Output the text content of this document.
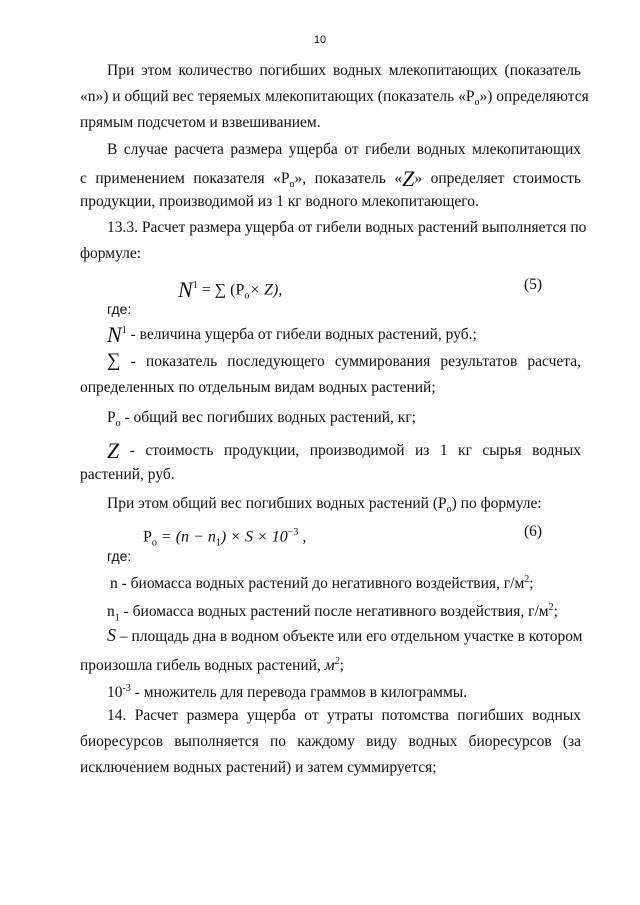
10
При этом количество погибших водных млекопитающих (показатель
«n») и общий вес теряемых млекопитающих (показатель «$P_о$») определяются
прямым подсчетом и взвешиванием.
В случае расчета размера ущерба от гибели водных млекопитающих
с применением показателя «$P_о$», показатель «Z» определяет стоимость
продукции, производимой из 1 кг водного млекопитающего.
13.3. Расчет размера ущерба от гибели водных растений выполняется по
формуле:
$N^1$ = ∑ $(P_о\times Z)$,	(5)
где:
$N^1$ - величина ущерба от гибели водных растений, руб.;
∑ - показатель последующего суммирования результатов расчета,
определенных по отдельным видам водных растений;
$P_о$ - общий вес погибших водных растений, кг;
Z - стоимость продукции, производимой из 1 кг сырья водных
растений, руб.
При этом общий вес погибших водных растений $(P_о)$ по формуле:
$P_о = (n - n_1) \times S \times 10^{-3}$ ,	(6)
где:
n - биомасса водных растений до негативного воздействия, $г/м^2$;
$n_1$ - биомасса водных растений после негативного воздействия, $г/м^2$;
S – площадь дна в водном объекте или его отдельном участке в котором
произошла гибель водных растений, $м^2$;
$10^{-3}$ - множитель для перевода граммов в килограммы.
14. Расчет размера ущерба от утраты потомства погибших водных
биоресурсов выполняется по каждому виду водных биоресурсов (за
исключением водных растений) и затем суммируется;
